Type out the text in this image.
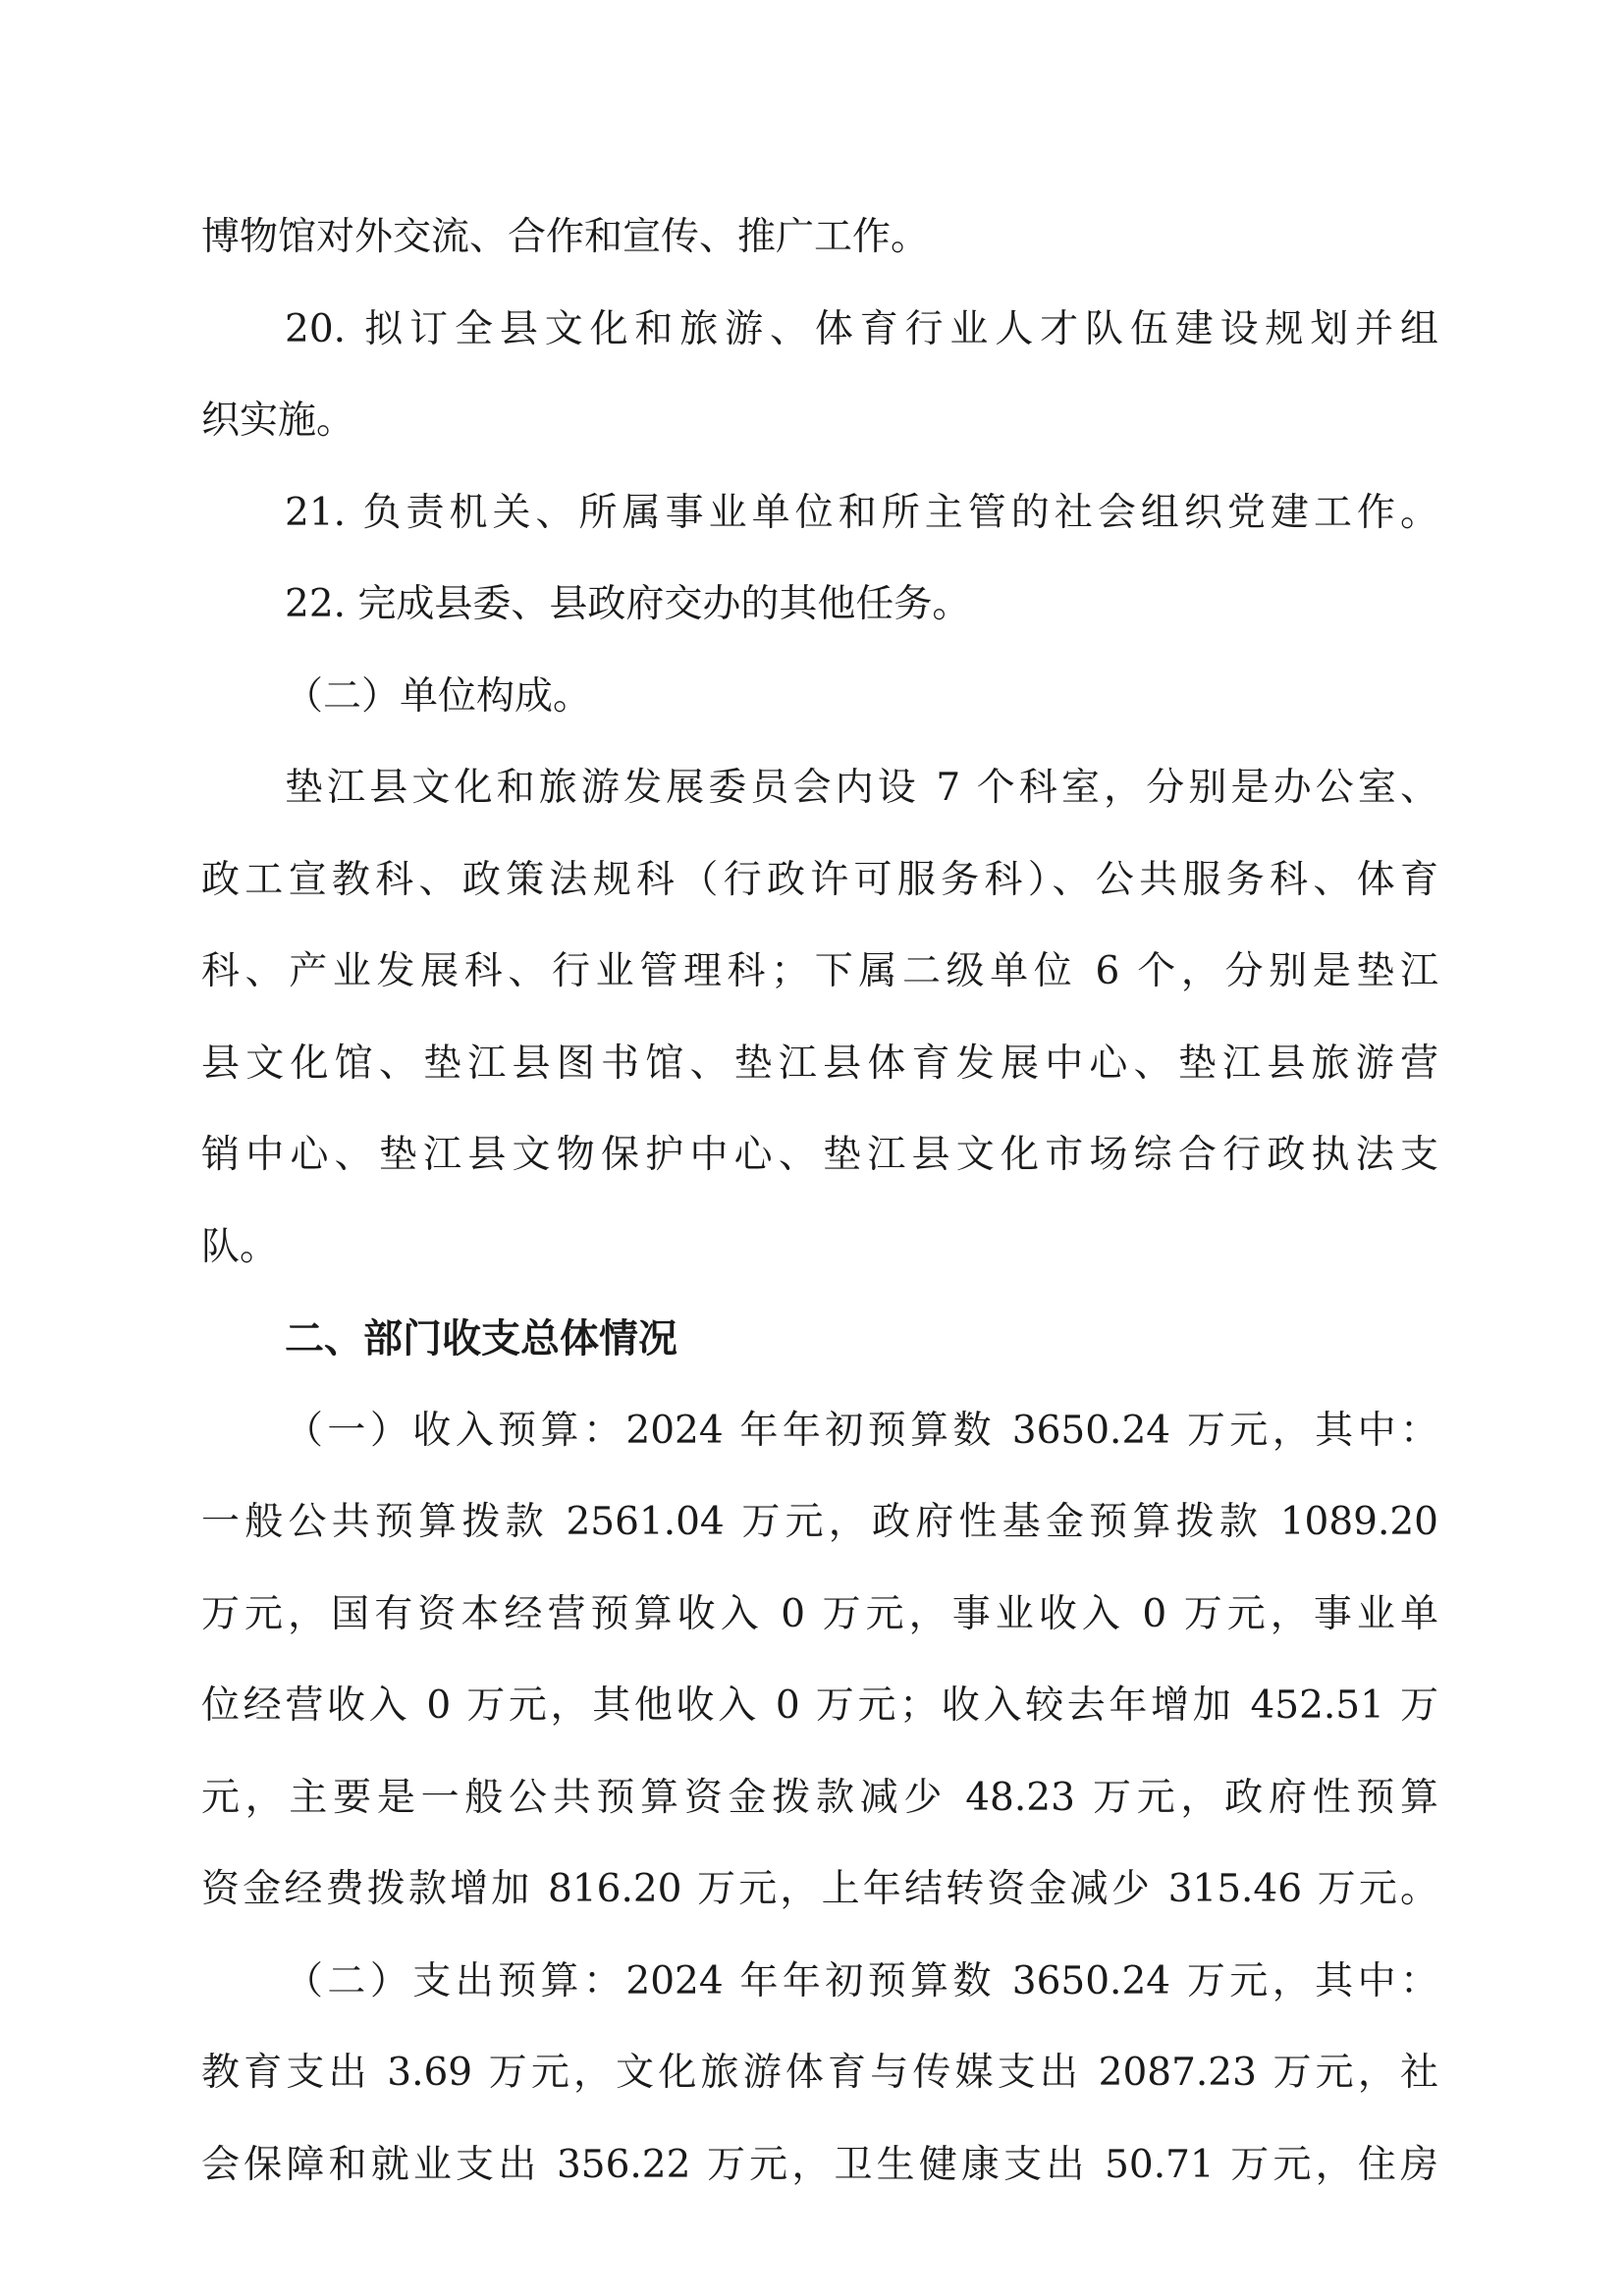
博物馆对外交流、合作和宣传、推广工作。
20. 拟订全县文化和旅游、体育行业人才队伍建设规划并组
织实施。
21. 负责机关、所属事业单位和所主管的社会组织党建工作。
22. 完成县委、县政府交办的其他任务。
（二）单位构成。
垫江县文化和旅游发展委员会内设 7 个科室，分别是办公室、
政工宣教科、政策法规科（行政许可服务科）、公共服务科、体育
科、产业发展科、行业管理科；下属二级单位 6 个，分别是垫江
县文化馆、垫江县图书馆、垫江县体育发展中心、垫江县旅游营
销中心、垫江县文物保护中心、垫江县文化市场综合行政执法支
队。
二、部门收支总体情况
（一）收入预算：2024 年年初预算数 3650.24 万元，其中：
一般公共预算拨款 2561.04 万元，政府性基金预算拨款 1089.20
万元，国有资本经营预算收入 0 万元，事业收入 0 万元，事业单
位经营收入 0 万元，其他收入 0 万元；收入较去年增加 452.51 万
元，主要是一般公共预算资金拨款减少 48.23 万元，政府性预算
资金经费拨款增加 816.20 万元，上年结转资金减少 315.46 万元。
（二）支出预算：2024 年年初预算数 3650.24 万元，其中：
教育支出 3.69 万元，文化旅游体育与传媒支出 2087.23 万元，社
会保障和就业支出 356.22 万元，卫生健康支出 50.71 万元，住房
